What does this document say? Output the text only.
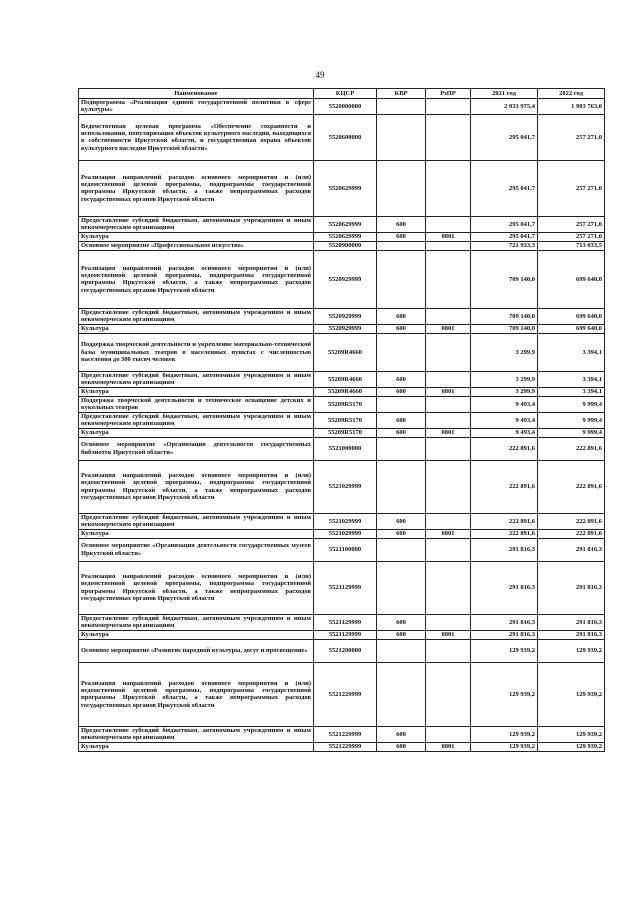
49
Наименование	КЦСР	КВР	РзПР	2021 год	2022 год
Подпрограмма «Реализация единой государственной политики в сфере культуры»	5520000000			2 033 975,4	1 903 763,0
Ведомственная целевая программа «Обеспечение сохранности и использования, популяризация объектов культурного наследия, находящихся в собственности Иркутской области, и государственная охрана объектов культурного наследия Иркутской области»	5520600000			295 041,7	257 271,0
Реализация направлений расходов основного мероприятия и (или) ведомственной целевой программы, подпрограммы государственной программы Иркутской области, а также непрограммных расходов государственных органов Иркутской области	5520629999			295 041,7	257 271,0
Предоставление субсидий бюджетным, автономным учреждениям и иным некоммерческим организациям	5520629999	600		295 041,7	257 271,0
Культура	5520629999	600	0801	295 041,7	257 271,0
Основное мероприятие «Профессиональное искусство»	5520900000			721 933,3	713 033,5
Реализация направлений расходов основного мероприятия и (или) ведомственной целевой программы, подпрограммы государственной программы Иркутской области, а также непрограммных расходов государственных органов Иркутской области	5520929999			709 140,0	699 640,0
Предоставление субсидий бюджетным, автономным учреждениям и иным некоммерческим организациям	5520929999	600		709 140,0	699 640,0
Культура	5520929999	600	0801	709 140,0	699 640,0
Поддержка творческой деятельности и укрепление материально-технической базы муниципальных театров в населенных пунктах с численностью населения до 300 тысяч человек	55209R4660			3 299,9	3 394,1
Предоставление субсидий бюджетным, автономным учреждениям и иным некоммерческим организациям	55209R4660	600		3 299,9	3 394,1
Культура	55209R4660	600	0801	3 299,9	3 394,1
Поддержка творческой деятельности и техническое оснащение детских и кукольных театров	55209R5170			9 493,4	9 999,4
Предоставление субсидий бюджетным, автономным учреждениям и иным некоммерческим организациям	55209R5170	600		9 493,4	9 999,4
Культура	55209R5170	600	0801	9 493,4	9 999,4
Основное мероприятие «Организация деятельности государственных библиотек Иркутской области»	5521000000			222 891,6	222 891,6
Реализация направлений расходов основного мероприятия и (или) ведомственной целевой программы, подпрограммы государственной программы Иркутской области, а также непрограммных расходов государственных органов Иркутской области	5521029999			222 891,6	222 891,6
Предоставление субсидий бюджетным, автономным учреждениям и иным некоммерческим организациям	5521029999	600		222 891,6	222 891,6
Культура	5521029999	600	0801	222 891,6	222 891,6
Основное мероприятие «Организация деятельности государственных музеев Иркутской области»	5521100000			291 816,3	291 816,3
Реализация направлений расходов основного мероприятия и (или) ведомственной целевой программы, подпрограммы государственной программы Иркутской области, а также непрограммных расходов государственных органов Иркутской области	5521129999			291 816,3	291 816,3
Предоставление субсидий бюджетным, автономным учреждениям и иным некоммерческим организациям	5521129999	600		291 816,3	291 816,3
Культура	5521129999	600	0801	291 816,3	291 816,3
Основное мероприятие «Развитие народной культуры, досуг и просвещение»	5521200000			129 939,2	129 939,2
Реализация направлений расходов основного мероприятия и (или) ведомственной целевой программы, подпрограммы государственной программы Иркутской области, а также непрограммных расходов государственных органов Иркутской области	5521229999			129 939,2	129 939,2
Предоставление субсидий бюджетным, автономным учреждениям и иным некоммерческим организациям	5521229999	600		129 939,2	129 939,2
Культура	5521229999	600	0801	129 939,2	129 939,2
